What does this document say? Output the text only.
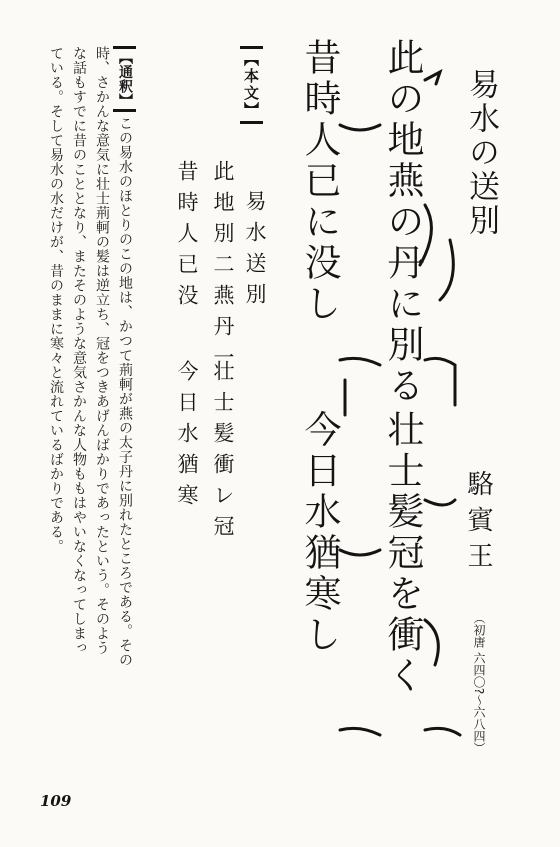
易水の送別
駱賓王
（初唐 六四〇?〜六八四）
此の地燕の丹に別る
壮士髪冠を衝く
昔時人已に没し
今日水猶寒し
【本文】
易水送別
此地別二燕丹一
壮士髪衝レ冠
昔時人已没
今日水猶寒

【通釈】この易水のほとりのこの地は、かつて荊軻が燕の太子丹に別れたところである。その

時、さかんな意気に壮士荊軻の髪は逆立ち、冠をつきあげんばかりであったという。そのよう

な話もすでに昔のこととなり、またそのような意気さかんな人物ももはやいなくなってしまっ

ている。そして易水の水だけが、昔のままに寒々と流れているばかりである。

109
